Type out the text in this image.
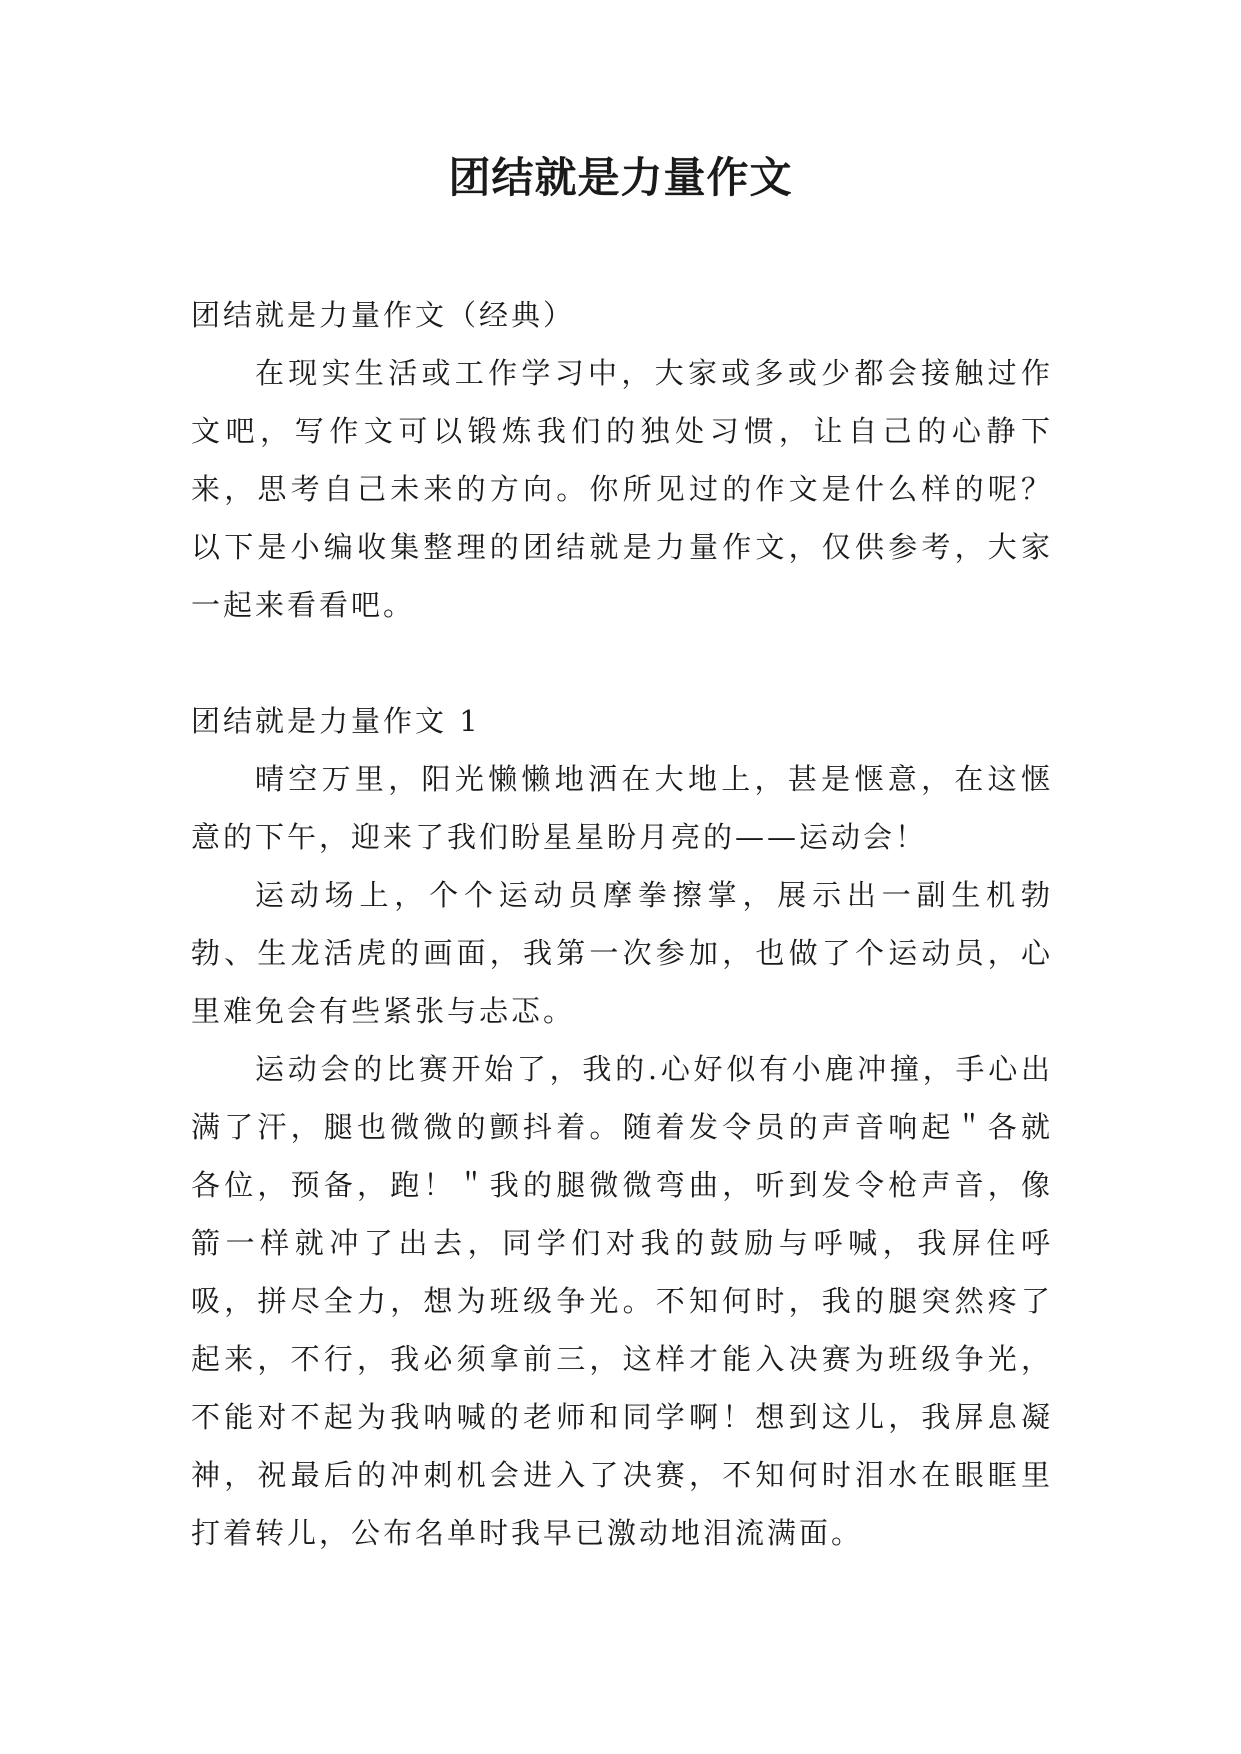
团结就是力量作文

团结就是力量作文（经典）

在现实生活或工作学习中，大家或多或少都会接触过作文吧，写作文可以锻炼我们的独处习惯，让自己的心静下来，思考自己未来的方向。你所见过的作文是什么样的呢？以下是小编收集整理的团结就是力量作文，仅供参考，大家一起来看看吧。

团结就是力量作文 1

晴空万里，阳光懒懒地洒在大地上，甚是惬意，在这惬意的下午，迎来了我们盼星星盼月亮的——运动会！

运动场上，个个运动员摩拳擦掌，展示出一副生机勃勃、生龙活虎的画面，我第一次参加，也做了个运动员，心里难免会有些紧张与忐忑。

运动会的比赛开始了，我的.心好似有小鹿冲撞，手心出满了汗，腿也微微的颤抖着。随着发令员的声音响起＂各就各位，预备，跑！＂我的腿微微弯曲，听到发令枪声音，像箭一样就冲了出去，同学们对我的鼓励与呼喊，我屏住呼吸，拼尽全力，想为班级争光。不知何时，我的腿突然疼了起来，不行，我必须拿前三，这样才能入决赛为班级争光，不能对不起为我呐喊的老师和同学啊！想到这儿，我屏息凝神，祝最后的冲刺机会进入了决赛，不知何时泪水在眼眶里打着转儿，公布名单时我早已激动地泪流满面。
